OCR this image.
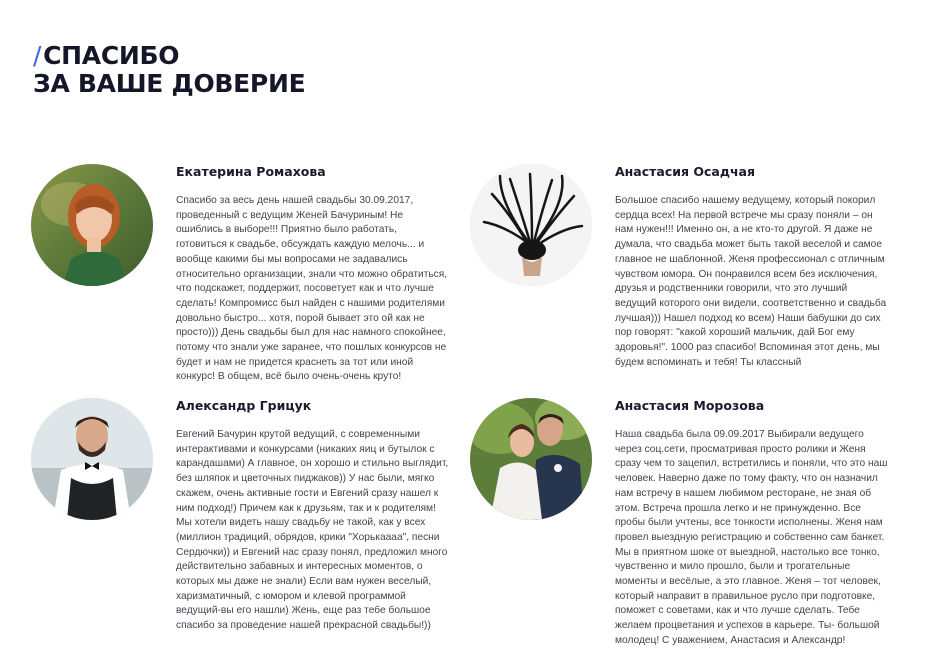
/СПАСИБО
ЗА ВАШЕ ДОВЕРИЕ

Екатерина Ромахова

Спасибо за весь день нашей свадьбы 30.09.2017, проведенный с ведущим Женей Бачуриным! Не ошиблись в выборе!!! Приятно было работать, готовиться к свадьбе, обсуждать каждую мелочь... и вообще какими бы мы вопросами не задавались относительно организации, знали что можно обратиться, что подскажет, поддержит, посоветует как и что лучше сделать! Компромисс был найден с нашими родителями довольно быстро... хотя, порой бывает это ой как не просто))) День свадьбы был для нас намного спокойнее, потому что знали уже заранее, что пошлых конкурсов не будет и нам не придется краснеть за тот или иной конкурс! В общем, всё было очень-очень круто!

Анастасия Осадчая

Большое спасибо нашему ведущему, который покорил сердца всех! На первой встрече мы сразу поняли – он нам нужен!!! Именно он, а не кто-то другой. Я даже не думала, что свадьба может быть такой веселой и самое главное не шаблонной. Женя профессионал с отличным чувством юмора. Он понравился всем без исключения, друзья и родственники говорили, что это лучший ведущий которого они видели, соответственно и свадьба лучшая))) Нашел подход ко всем) Наши бабушки до сих пор говорят: "какой хороший мальчик, дай Бог ему здоровья!". 1000 раз спасибо! Вспоминая этот день, мы будем вспоминать и тебя! Ты классный

Александр Грицук

Евгений Бачурин крутой ведущий, с современными интерактивами и конкурсами (никаких яиц и бутылок с карандашами) А главное, он хорошо и стильно выглядит, без шляпок и цветочных пиджаков)) У нас были, мягко скажем, очень активные гости и Евгений сразу нашел к ним подход!) Причем как к друзьям, так и к родителям! Мы хотели видеть нашу свадьбу не такой, как у всех (миллион традиций, обрядов, крики "Хорькаааа", песни Сердючки)) и Евгений нас сразу понял, предложил много действительно забавных и интересных моментов, о которых мы даже не знали) Если вам нужен веселый, харизматичный, с юмором и клевой программой ведущий-вы его нашли) Жень, еще раз тебе большое спасибо за проведение нашей прекрасной свадьбы!))

Анастасия Морозова

Наша свадьба была 09.09.2017 Выбирали ведущего через соц.сети, просматривая просто ролики и Женя сразу чем то зацепил, встретились и поняли, что это наш человек. Наверно даже по тому факту, что он назначил нам встречу в нашем любимом ресторане, не зная об этом. Встреча прошла легко и не принужденно. Все пробы были учтены, все тонкости исполнены. Женя нам провел выездную регистрацию и собственно сам банкет. Мы в приятном шоке от выездной, настолько все тонко, чувственно и мило прошло, были и трогательные моменты и весёлые, а это главное. Женя – тот человек, который направит в правильное русло при подготовке, поможет с советами, как и что лучше сделать. Тебе желаем процветания и успехов в карьере. Ты- большой молодец! С уважением, Анастасия и Александр!
